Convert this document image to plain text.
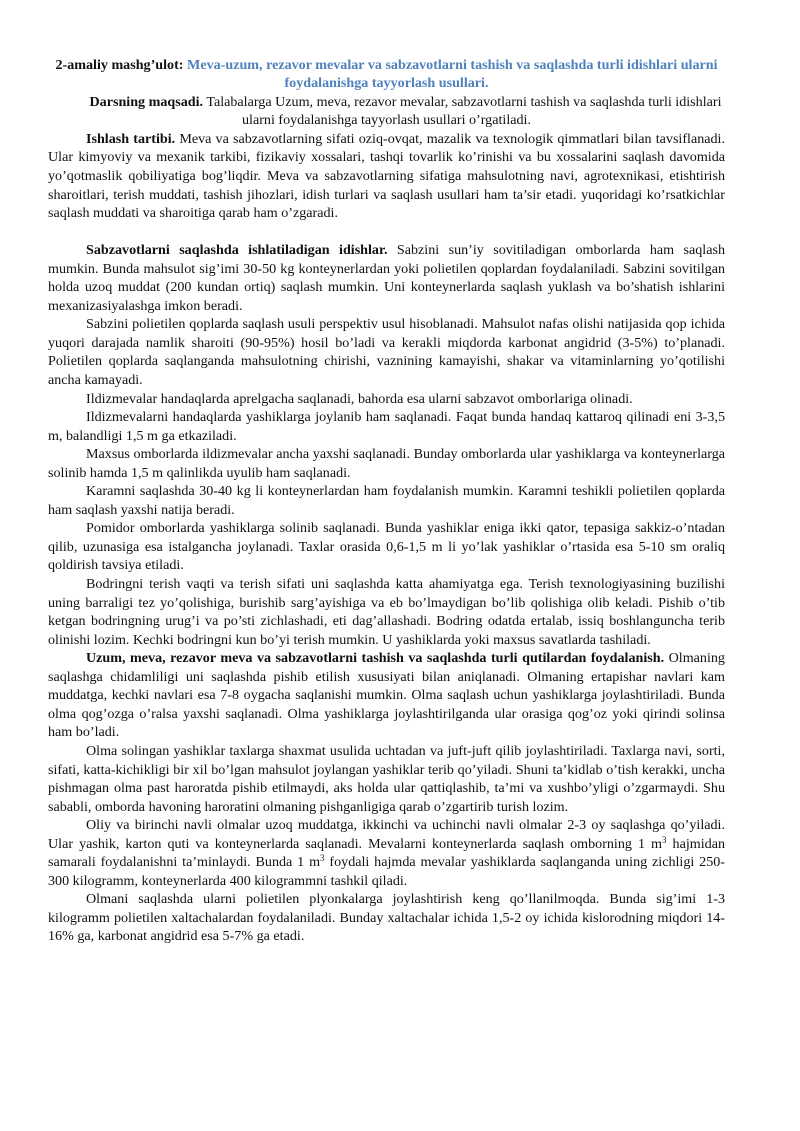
2-amaliy mashg’ulot: Meva-uzum, rezavor mevalar va sabzavotlarni tashish va saqlashda turli idishlari ularni foydalanishga tayyorlash usullari.

Darsning maqsadi. Talabalarga Uzum, meva, rezavor mevalar, sabzavotlarni tashish va saqlashda turli idishlari ularni foydalanishga tayyorlash usullari o’rgatiladi.

Ishlash tartibi. Meva va sabzavotlarning sifati oziq-ovqat, mazalik va texnologik qimmatlari bilan tavsiflanadi. Ular kimyoviy va mexanik tarkibi, fizikaviy xossalari, tashqi tovarlik ko’rinishi va bu xossalarini saqlash davomida yo’qotmaslik qobiliyatiga bog’liqdir. Meva va sabzavotlarning sifatiga mahsulotning navi, agrotexnikasi, etishtirish sharoitlari, terish muddati, tashish jihozlari, idish turlari va saqlash usullari ham ta’sir etadi. yuqoridagi ko’rsatkichlar saqlash muddati va sharoitiga qarab ham o’zgaradi.

Sabzavotlarni saqlashda ishlatiladigan idishlar. Sabzini sun’iy sovitiladigan omborlarda ham saqlash mumkin. Bunda mahsulot sig’imi 30-50 kg konteynerlardan yoki polietilen qoplardan foydalaniladi. Sabzini sovitilgan holda uzoq muddat (200 kundan ortiq) saqlash mumkin. Uni konteynerlarda saqlash yuklash va bo’shatish ishlarini mexanizasiyalashga imkon beradi.

Sabzini polietilen qoplarda saqlash usuli perspektiv usul hisoblanadi. Mahsulot nafas olishi natijasida qop ichida yuqori darajada namlik sharoiti (90-95%) hosil bo’ladi va kerakli miqdorda karbonat angidrid (3-5%) to’planadi. Polietilen qoplarda saqlanganda mahsulotning chirishi, vaznining kamayishi, shakar va vitaminlarning yo’qotilishi ancha kamayadi.

Ildizmevalar handaqlarda aprelgacha saqlanadi, bahorda esa ularni sabzavot omborlariga olinadi.

Ildizmevalarni handaqlarda yashiklarga joylanib ham saqlanadi. Faqat bunda handaq kattaroq qilinadi eni 3-3,5 m, balandligi 1,5 m ga etkaziladi.

Maxsus omborlarda ildizmevalar ancha yaxshi saqlanadi. Bunday omborlarda ular yashiklarga va konteynerlarga solinib hamda 1,5 m qalinlikda uyulib ham saqlanadi.

Karamni saqlashda 30-40 kg li konteynerlardan ham foydalanish mumkin. Karamni teshikli polietilen qoplarda ham saqlash yaxshi natija beradi.

Pomidor omborlarda yashiklarga solinib saqlanadi. Bunda yashiklar eniga ikki qator, tepasiga sakkiz-o’ntadan qilib, uzunasiga esa istalgancha joylanadi. Taxlar orasida 0,6-1,5 m li yo’lak yashiklar o’rtasida esa 5-10 sm oraliq qoldirish tavsiya etiladi.

Bodringni terish vaqti va terish sifati uni saqlashda katta ahamiyatga ega. Terish texnologiyasining buzilishi uning barraligi tez yo’qolishiga, burishib sarg’ayishiga va eb bo’lmaydigan bo’lib qolishiga olib keladi. Pishib o’tib ketgan bodringning urug’i va po’sti zichlashadi, eti dag’allashadi. Bodring odatda ertalab, issiq boshlanguncha terib olinishi lozim. Kechki bodringni kun bo’yi terish mumkin. U yashiklarda yoki maxsus savatlarda tashiladi.

Uzum, meva, rezavor meva va sabzavotlarni tashish va saqlashda turli qutilardan foydalanish. Olmaning saqlashga chidamliligi uni saqlashda pishib etilish xususiyati bilan aniqlanadi. Olmaning ertapishar navlari kam muddatga, kechki navlari esa 7-8 oygacha saqlanishi mumkin. Olma saqlash uchun yashiklarga joylashtiriladi. Bunda olma qog’ozga o’ralsa yaxshi saqlanadi. Olma yashiklarga joylashtirilganda ular orasiga qog’oz yoki qirindi solinsa ham bo’ladi.

Olma solingan yashiklar taxlarga shaxmat usulida uchtadan va juft-juft qilib joylashtiriladi. Taxlarga navi, sorti, sifati, katta-kichikligi bir xil bo’lgan mahsulot joylangan yashiklar terib qo’yiladi. Shuni ta’kidlab o’tish kerakki, uncha pishmagan olma past haroratda pishib etilmaydi, aks holda ular qattiqlashib, ta’mi va xushbo’yligi o’zgarmaydi. Shu sababli, omborda havoning haroratini olmaning pishganligiga qarab o’zgartirib turish lozim.

Oliy va birinchi navli olmalar uzoq muddatga, ikkinchi va uchinchi navli olmalar 2-3 oy saqlashga qo’yiladi. Ular yashik, karton quti va konteynerlarda saqlanadi. Mevalarni konteynerlarda saqlash omborning 1 $m^3$ hajmidan samarali foydalanishni ta’minlaydi. Bunda 1 $m^3$ foydali hajmda mevalar yashiklarda saqlanganda uning zichligi 250-300 kilogramm, konteynerlarda 400 kilogrammni tashkil qiladi.

Olmani saqlashda ularni polietilen plyonkalarga joylashtirish keng qo’llanilmoqda. Bunda sig’imi 1-3 kilogramm polietilen xaltachalardan foydalaniladi. Bunday xaltachalar ichida 1,5-2 oy ichida kislorodning miqdori 14-16% ga, karbonat angidrid esa 5-7% ga etadi.
